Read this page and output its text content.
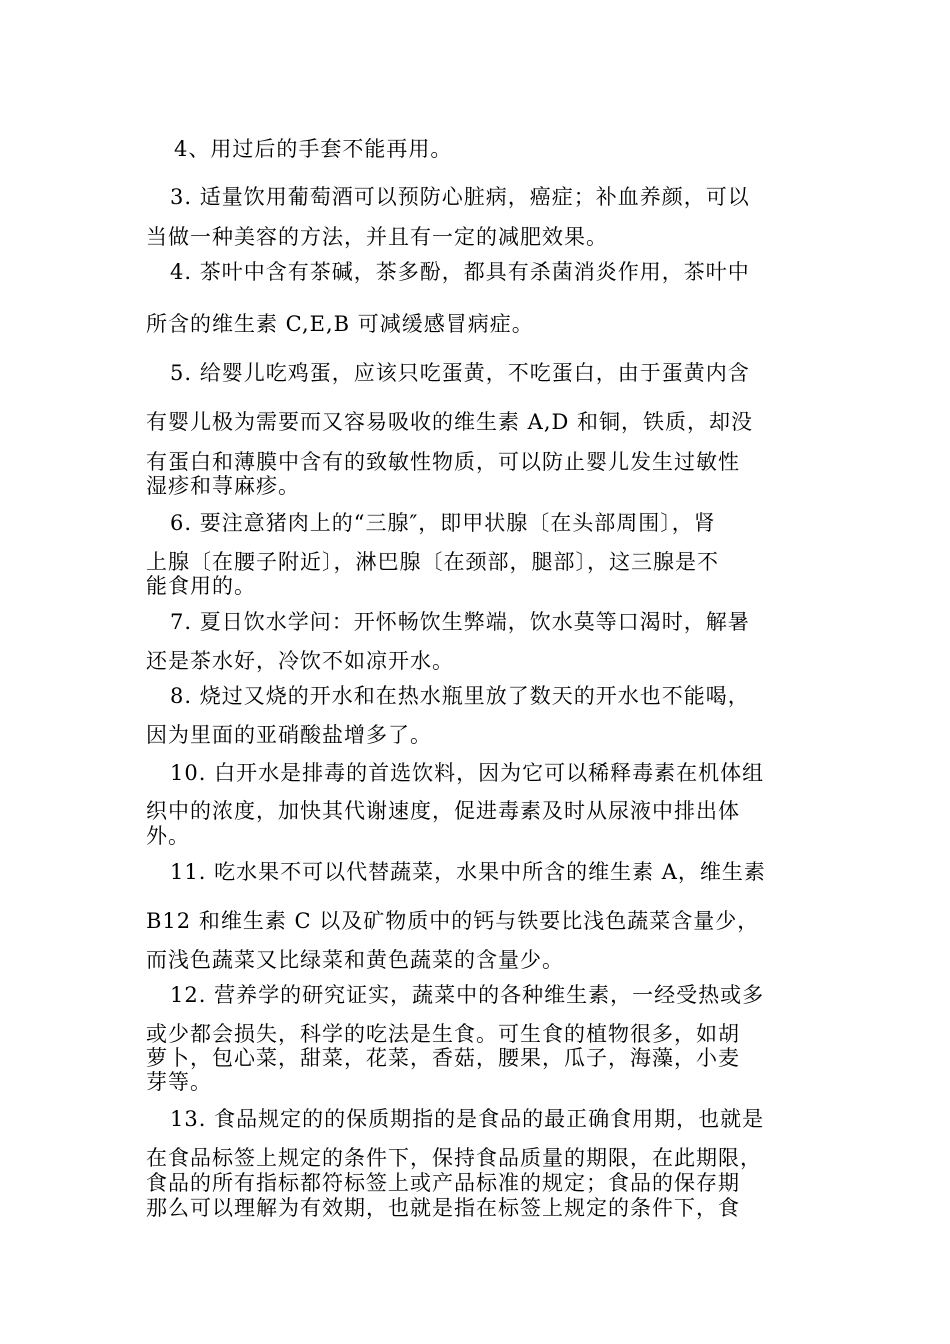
4、用过后的手套不能再用。
3. 适量饮用葡萄酒可以预防心脏病，癌症；补血养颜，可以
当做一种美容的方法，并且有一定的减肥效果。
4. 茶叶中含有茶碱，茶多酚，都具有杀菌消炎作用，茶叶中
所含的维生素 C,E,B 可减缓感冒病症。
5. 给婴儿吃鸡蛋，应该只吃蛋黄，不吃蛋白，由于蛋黄内含
有婴儿极为需要而又容易吸收的维生素 A,D 和铜，铁质，却没
有蛋白和薄膜中含有的致敏性物质，可以防止婴儿发生过敏性
湿疹和荨麻疹。
6. 要注意猪肉上的“三腺″，即甲状腺〔在头部周围〕，肾
上腺〔在腰子附近〕，淋巴腺〔在颈部，腿部〕，这三腺是不
能食用的。
7. 夏日饮水学问：开怀畅饮生弊端，饮水莫等口渴时，解暑
还是茶水好，冷饮不如凉开水。
8. 烧过又烧的开水和在热水瓶里放了数天的开水也不能喝，
因为里面的亚硝酸盐增多了。
10. 白开水是排毒的首选饮料，因为它可以稀释毒素在机体组
织中的浓度，加快其代谢速度，促进毒素及时从尿液中排出体
外。
11. 吃水果不可以代替蔬菜，水果中所含的维生素 A，维生素
B12 和维生素 C 以及矿物质中的钙与铁要比浅色蔬菜含量少，
而浅色蔬菜又比绿菜和黄色蔬菜的含量少。
12. 营养学的研究证实，蔬菜中的各种维生素，一经受热或多
或少都会损失，科学的吃法是生食。可生食的植物很多，如胡
萝卜，包心菜，甜菜，花菜，香菇，腰果，瓜子，海藻，小麦
芽等。
13. 食品规定的的保质期指的是食品的最正确食用期，也就是
在食品标签上规定的条件下，保持食品质量的期限，在此期限，
食品的所有指标都符标签上或产品标准的规定；食品的保存期
那么可以理解为有效期，也就是指在标签上规定的条件下，食
